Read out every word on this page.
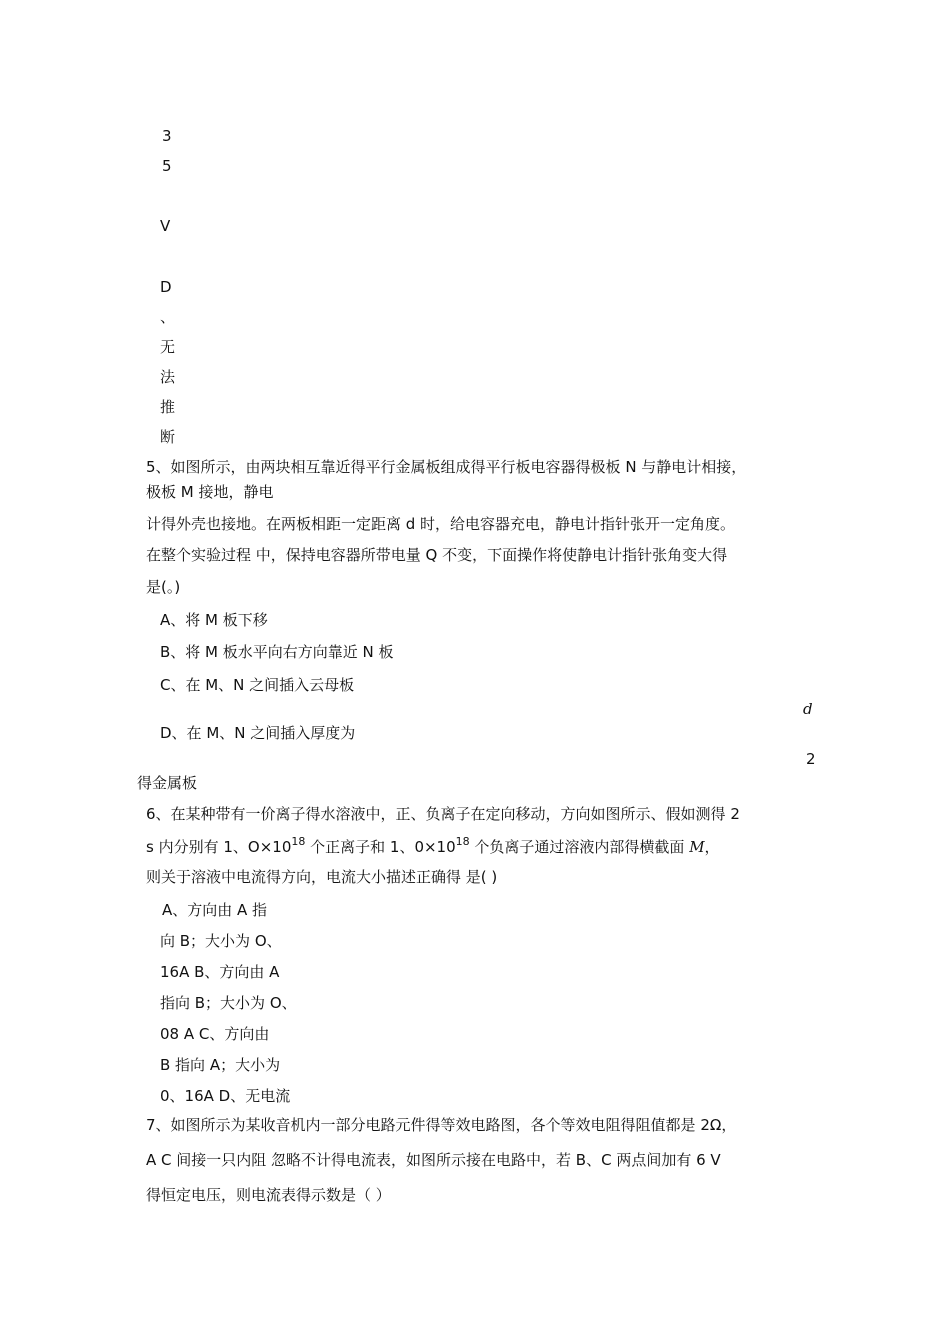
3
5
V
D
、
无
法
推
断
5、如图所示，由两块相互靠近得平行金属板组成得平行板电容器得极板 N 与静电计相接，
极板 M 接地，静电
计得外壳也接地。在两板相距一定距离 d 时，给电容器充电，静电计指针张开一定角度。
在整个实验过程 中，保持电容器所带电量 Q 不变，下面操作将使静电计指针张角变大得
是(。)
A、将 M 板下移
B、将 M 板水平向右方向靠近 N 板
C、在 M、N 之间插入云母板
d
D、在 M、N 之间插入厚度为
2
得金属板
6、在某种带有一价离子得水溶液中，正、负离子在定向移动，方向如图所示、假如测得 2
s 内分别有 1、$O\times 10^{18}$ 个正离子和 1、$0\times 10^{18}$ 个负离子通过溶液内部得横截面 M，
则关于溶液中电流得方向，电流大小描述正确得 是( )
A、方向由 A 指
向 B；大小为 O、
16A B、方向由 A
指向 B；大小为 O、
08 A C、方向由
B 指向 A；大小为
0、16A D、无电流
7、如图所示为某收音机内一部分电路元件得等效电路图，各个等效电阻得阻值都是 2Ω，
A C 间接一只内阻 忽略不计得电流表，如图所示接在电路中，若 B、C 两点间加有 6 V
得恒定电压，则电流表得示数是（ ）
